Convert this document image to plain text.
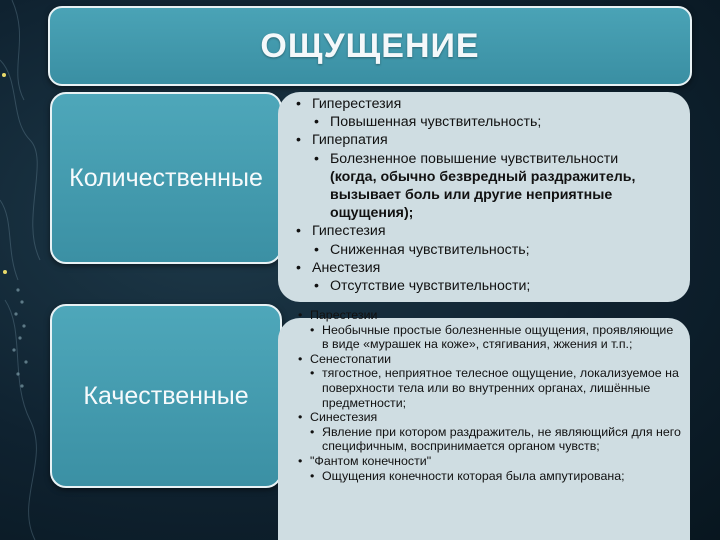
ОЩУЩЕНИЕ
Количественные
Качественные
• Гиперестезия
• Повышенная чувствительность;
• Гиперпатия
• Болезненное повышение чувствительности
(когда, обычно безвредный раздражитель, вызывает боль или другие неприятные ощущения);
• Гипестезия
• Сниженная чувствительность;
• Анестезия
• Отсутствие чувствительности;
• Парестезии
• Необычные простые болезненные ощущения, проявляющие в виде «мурашек на коже», стягивания, жжения и т.п.;
• Сенестопатии
• тягостное, неприятное телесное ощущение, локализуемое на поверхности тела или во внутренних органах, лишённые предметности;
• Синестезия
• Явление при котором раздражитель, не являющийся для него специфичным, воспринимается органом чувств;
• "Фантом конечности"
• Ощущения конечности которая была ампутирована;
